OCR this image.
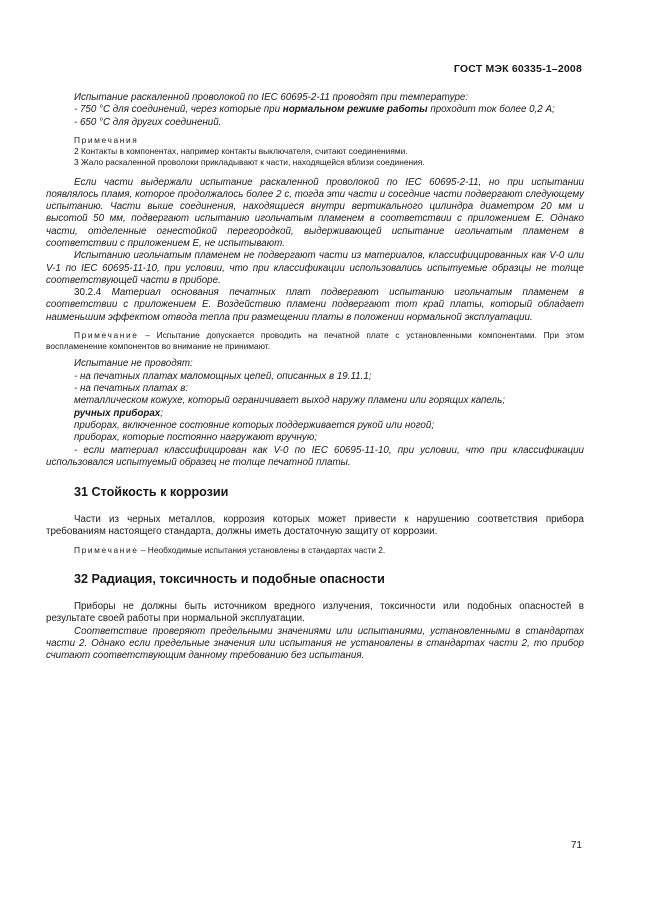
ГОСТ МЭК 60335-1–2008

Испытание раскаленной проволокой по IEC 60695-2-11 проводят при температуре:

- 750 °С для соединений, через которые при нормальном режиме работы проходит ток более 0,2 А;

- 650 °С для других соединений.

Примечания

2 Контакты в компонентах, например контакты выключателя, считают соединениями.

3 Жало раскаленной проволоки прикладывают к части, находящейся вблизи соединения.

Если части выдержали испытание раскаленной проволокой по IEC 60695-2-11, но при испытании появлялось пламя, которое продолжалось более 2 с, тогда эти части и соседние части подвергают следующему испытанию. Части выше соединения, находящиеся внутри вертикального цилиндра диаметром 20 мм и высотой 50 мм, подвергают испытанию игольчатым пламенем в соответствии с приложением Е. Однако части, отделенные огнестойкой перегородкой, выдерживающей испытание игольчатым пламенем в соответствии с приложением Е, не испытывают.

Испытанию игольчатым пламенем не подвергают части из материалов, классифицированных как V-0 или V-1 по IEC 60695-11-10, при условии, что при классификации использовались испытуемые образцы не толще соответствующей части в приборе.

30.2.4 Материал основания печатных плат подвергают испытанию игольчатым пламенем в соответствии с приложением Е. Воздействию пламени подвергают тот край платы, который обладает наименьшим эффектом отвода тепла при размещении платы в положении нормальной эксплуатации.

Примечание – Испытание допускается проводить на печатной плате с установленными компонентами. При этом воспламенение компонентов во внимание не принимают.

Испытание не проводят:

- на печатных платах маломощных цепей, описанных в 19.11.1;

- на печатных платах в:

металлическом кожухе, который ограничивает выход наружу пламени или горящих капель;

ручных приборах;

приборах, включенное состояние которых поддерживается рукой или ногой;

приборах, которые постоянно нагружают вручную;

- если материал классифицирован как V-0 по IEC 60695-11-10, при условии, что при классификации использовался испытуемый образец не толще печатной платы.

31 Стойкость к коррозии

Части из черных металлов, коррозия которых может привести к нарушению соответствия прибора требованиям настоящего стандарта, должны иметь достаточную защиту от коррозии.

Примечание – Необходимые испытания установлены в стандартах части 2.

32 Радиация, токсичность и подобные опасности

Приборы не должны быть источником вредного излучения, токсичности или подобных опасностей в результате своей работы при нормальной эксплуатации.

Соответствие проверяют предельными значениями или испытаниями, установленными в стандартах части 2. Однако если предельные значения или испытания не установлены в стандартах части 2, то прибор считают соответствующим данному требованию без испытания.

71
